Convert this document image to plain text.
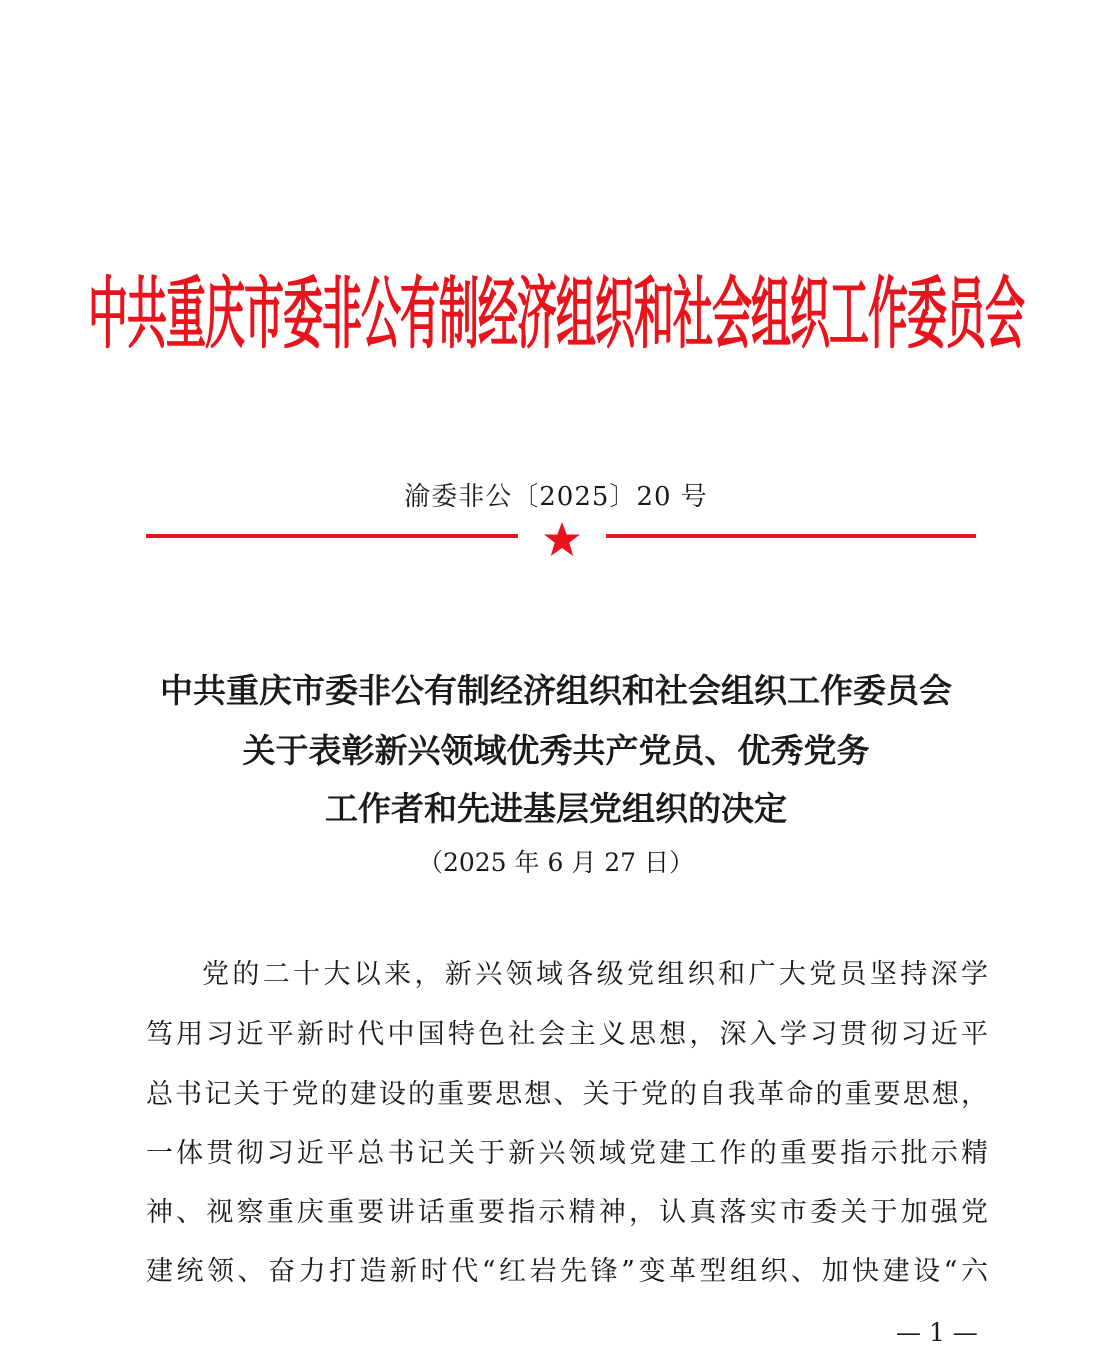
中共重庆市委非公有制经济组织和社会组织工作委员会
渝委非公〔2025〕20 号
中共重庆市委非公有制经济组织和社会组织工作委员会
关于表彰新兴领域优秀共产党员、优秀党务
工作者和先进基层党组织的决定
（2025 年 6 月 27 日）
党的二十大以来，新兴领域各级党组织和广大党员坚持深学
笃用习近平新时代中国特色社会主义思想，深入学习贯彻习近平
总书记关于党的建设的重要思想、关于党的自我革命的重要思想，
一体贯彻习近平总书记关于新兴领域党建工作的重要指示批示精
神、视察重庆重要讲话重要指示精神，认真落实市委关于加强党
建统领、奋力打造新时代“红岩先锋”变革型组织、加快建设“六
— 1 —
